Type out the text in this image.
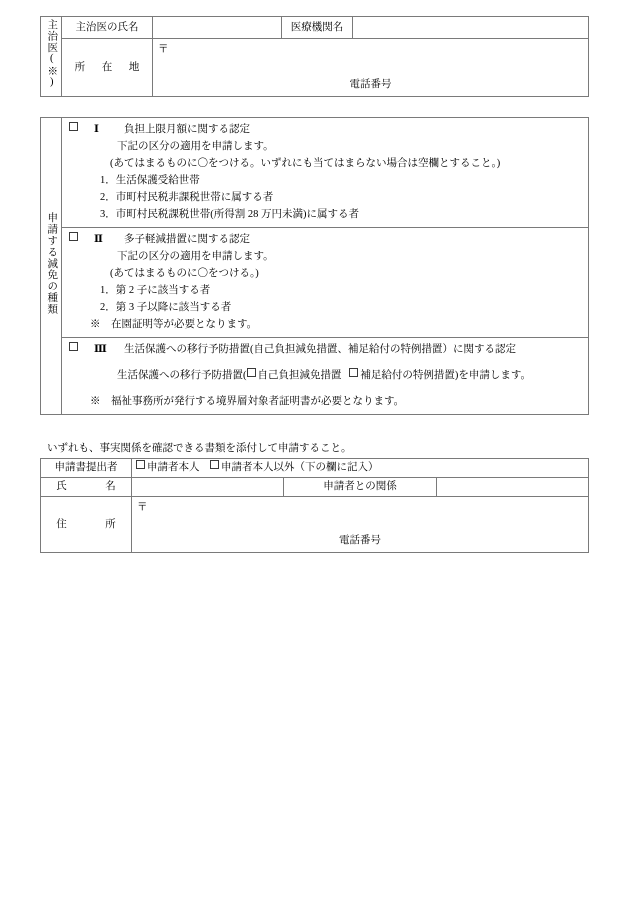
主治医(※)	主治医の氏名		医療機関名	
	所 在 地	〒
電話番号		
申請する減免の種類	
Ⅰ 負担上限月額に関する認定
下記の区分の適用を申請します。
(あてはまるものに〇をつける。いずれにも当てはまらない場合は空欄とすること。)
1．生活保護受給世帯
2．市町村民税非課税世帯に属する者
3．市町村民税課税世帯(所得割 28 万円未満)に属する者

Ⅱ 多子軽減措置に関する認定
下記の区分の適用を申請します。
(あてはまるものに〇をつける。)
1．第 2 子に該当する者
2．第 3 子以降に該当する者
※　在園証明等が必要となります。

Ⅲ 生活保護への移行予防措置(自己負担減免措置、補足給付の特例措置）に関する認定
生活保護への移行予防措置( 自己負担減免措置 補足給付の特例措置)を申請します。
※　福祉事務所が発行する境界層対象者証明書が必要となります。
いずれも、事実関係を確認できる書類を添付して申請すること。
申請書提出者	申請者本人 申請者本人以外（下の欄に記入）		
氏　名		申請者との関係	
住　所	〒
電話番号		
